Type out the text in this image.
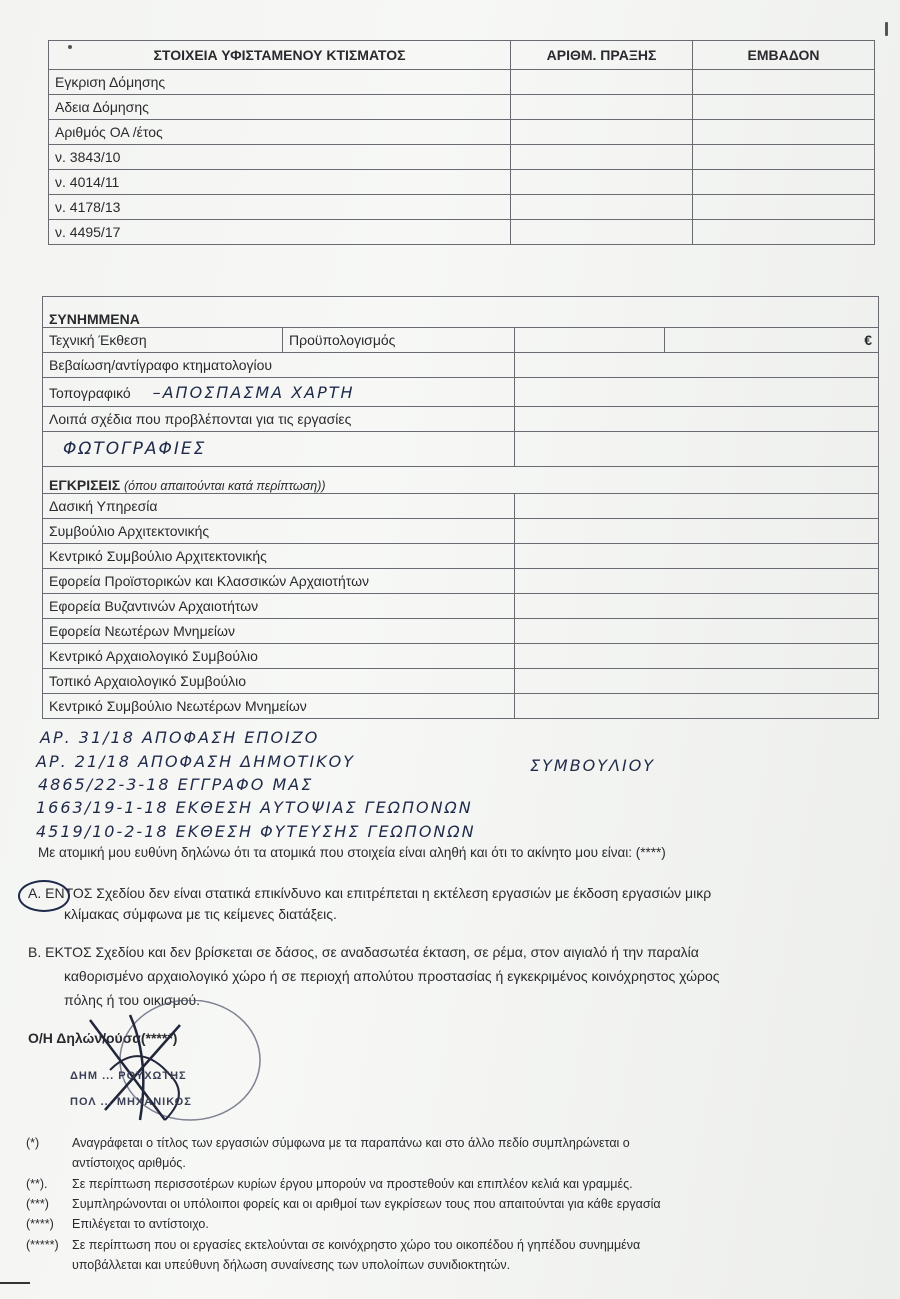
ΣΤΟΙΧΕΙΑ ΥΦΙΣΤΑΜΕΝΟΥ ΚΤΙΣΜΑΤΟΣ	ΑΡΙΘΜ. ΠΡΑΞΗΣ	ΕΜΒΑΔΟΝ
Εγκριση Δόμησης		
Αδεια Δόμησης		
Αριθμός ΟΑ /έτος		
ν. 3843/10		
ν. 4014/11		
ν. 4178/13		
ν. 4495/17		
ΣΥΝΗΜΜΕΝΑ			
Τεχνική Έκθεση	Προϋπολογισμός		€
Βεβαίωση/αντίγραφο κτηματολογίου			
Τοπογραφικό –ΑΠΟΣΠΑΣΜΑ ΧΑΡΤΗ			
Λοιπά σχέδια που προβλέπονται για τις εργασίες			
ΦΩΤΟΓΡΑΦΙΕΣ			
ΕΓΚΡΙΣΕΙΣ (όπου απαιτούνται κατά περίπτωση))			
Δασική Υπηρεσία			
Συμβούλιο Αρχιτεκτονικής			
Κεντρικό Συμβούλιο Αρχιτεκτονικής			
Εφορεία Προϊστορικών και Κλασσικών Αρχαιοτήτων			
Εφορεία Βυζαντινών Αρχαιοτήτων			
Εφορεία Νεωτέρων Μνημείων			
Κεντρικό Αρχαιολογικό Συμβούλιο			
Τοπικό Αρχαιολογικό Συμβούλιο			
Κεντρικό Συμβούλιο Νεωτέρων Μνημείων			
ΑΡ. 31/18 ΑΠΟΦΑΣΗ ΕΠΟΙΖΟ
ΑΡ. 21/18 ΑΠΟΦΑΣΗ ΔΗΜΟΤΙΚΟΥ	ΣΥΜΒΟΥΛΙΟΥ
4865/22-3-18 ΕΓΓΡΑΦΟ ΜΑΣ
1663/19-1-18 ΕΚΘΕΣΗ ΑΥΤΟΨΙΑΣ ΓΕΩΠΟΝΩΝ
4519/10-2-18 ΕΚΘΕΣΗ ΦΥΤΕΥΣΗΣ ΓΕΩΠΟΝΩΝ
Με ατομική μου ευθύνη δηλώνω ότι τα ατομικά που στοιχεία είναι αληθή και ότι το ακίνητο μου είναι: (****)
Α. ΕΝΤΟΣ Σχεδίου δεν είναι στατικά επικίνδυνο και επιτρέπεται η εκτέλεση εργασιών με έκδοση εργασιών μικρ
κλίμακας σύμφωνα με τις κείμενες διατάξεις.
Β. ΕΚΤΟΣ Σχεδίου και δεν βρίσκεται σε δάσος, σε αναδασωτέα έκταση, σε ρέμα, στον αιγιαλό ή την παραλία
καθορισμένο αρχαιολογικό χώρο ή σε περιοχή απολύτου προστασίας ή εγκεκριμένος κοινόχρηστος χώρος
πόλης ή του οικισμού.
Ο/Η Δηλών/ούσα(*****)
ΔΗΜ ... ΡΟΥΧΩΤΗΣ
ΠΟΛ ... ΜΗΧΑΝΙΚΟΣ
(*)	Αναγράφεται ο τίτλος των εργασιών σύμφωνα με τα παραπάνω και στο άλλο πεδίο συμπληρώνεται ο
αντίστοιχος αριθμός.
(**). Σε περίπτωση περισσοτέρων κυρίων έργου μπορούν να προστεθούν και επιπλέον κελιά και γραμμές.
(***) Συμπληρώνονται οι υπόλοιποι φορείς και οι αριθμοί των εγκρίσεων τους που απαιτούνται για κάθε εργασία
(****) Επιλέγεται το αντίστοιχο.
(*****) Σε περίπτωση που οι εργασίες εκτελούνται σε κοινόχρηστο χώρο του οικοπέδου ή γηπέδου συνημμένα
υποβάλλεται και υπεύθυνη δήλωση συναίνεσης των υπολοίπων συνιδιοκτητών.
